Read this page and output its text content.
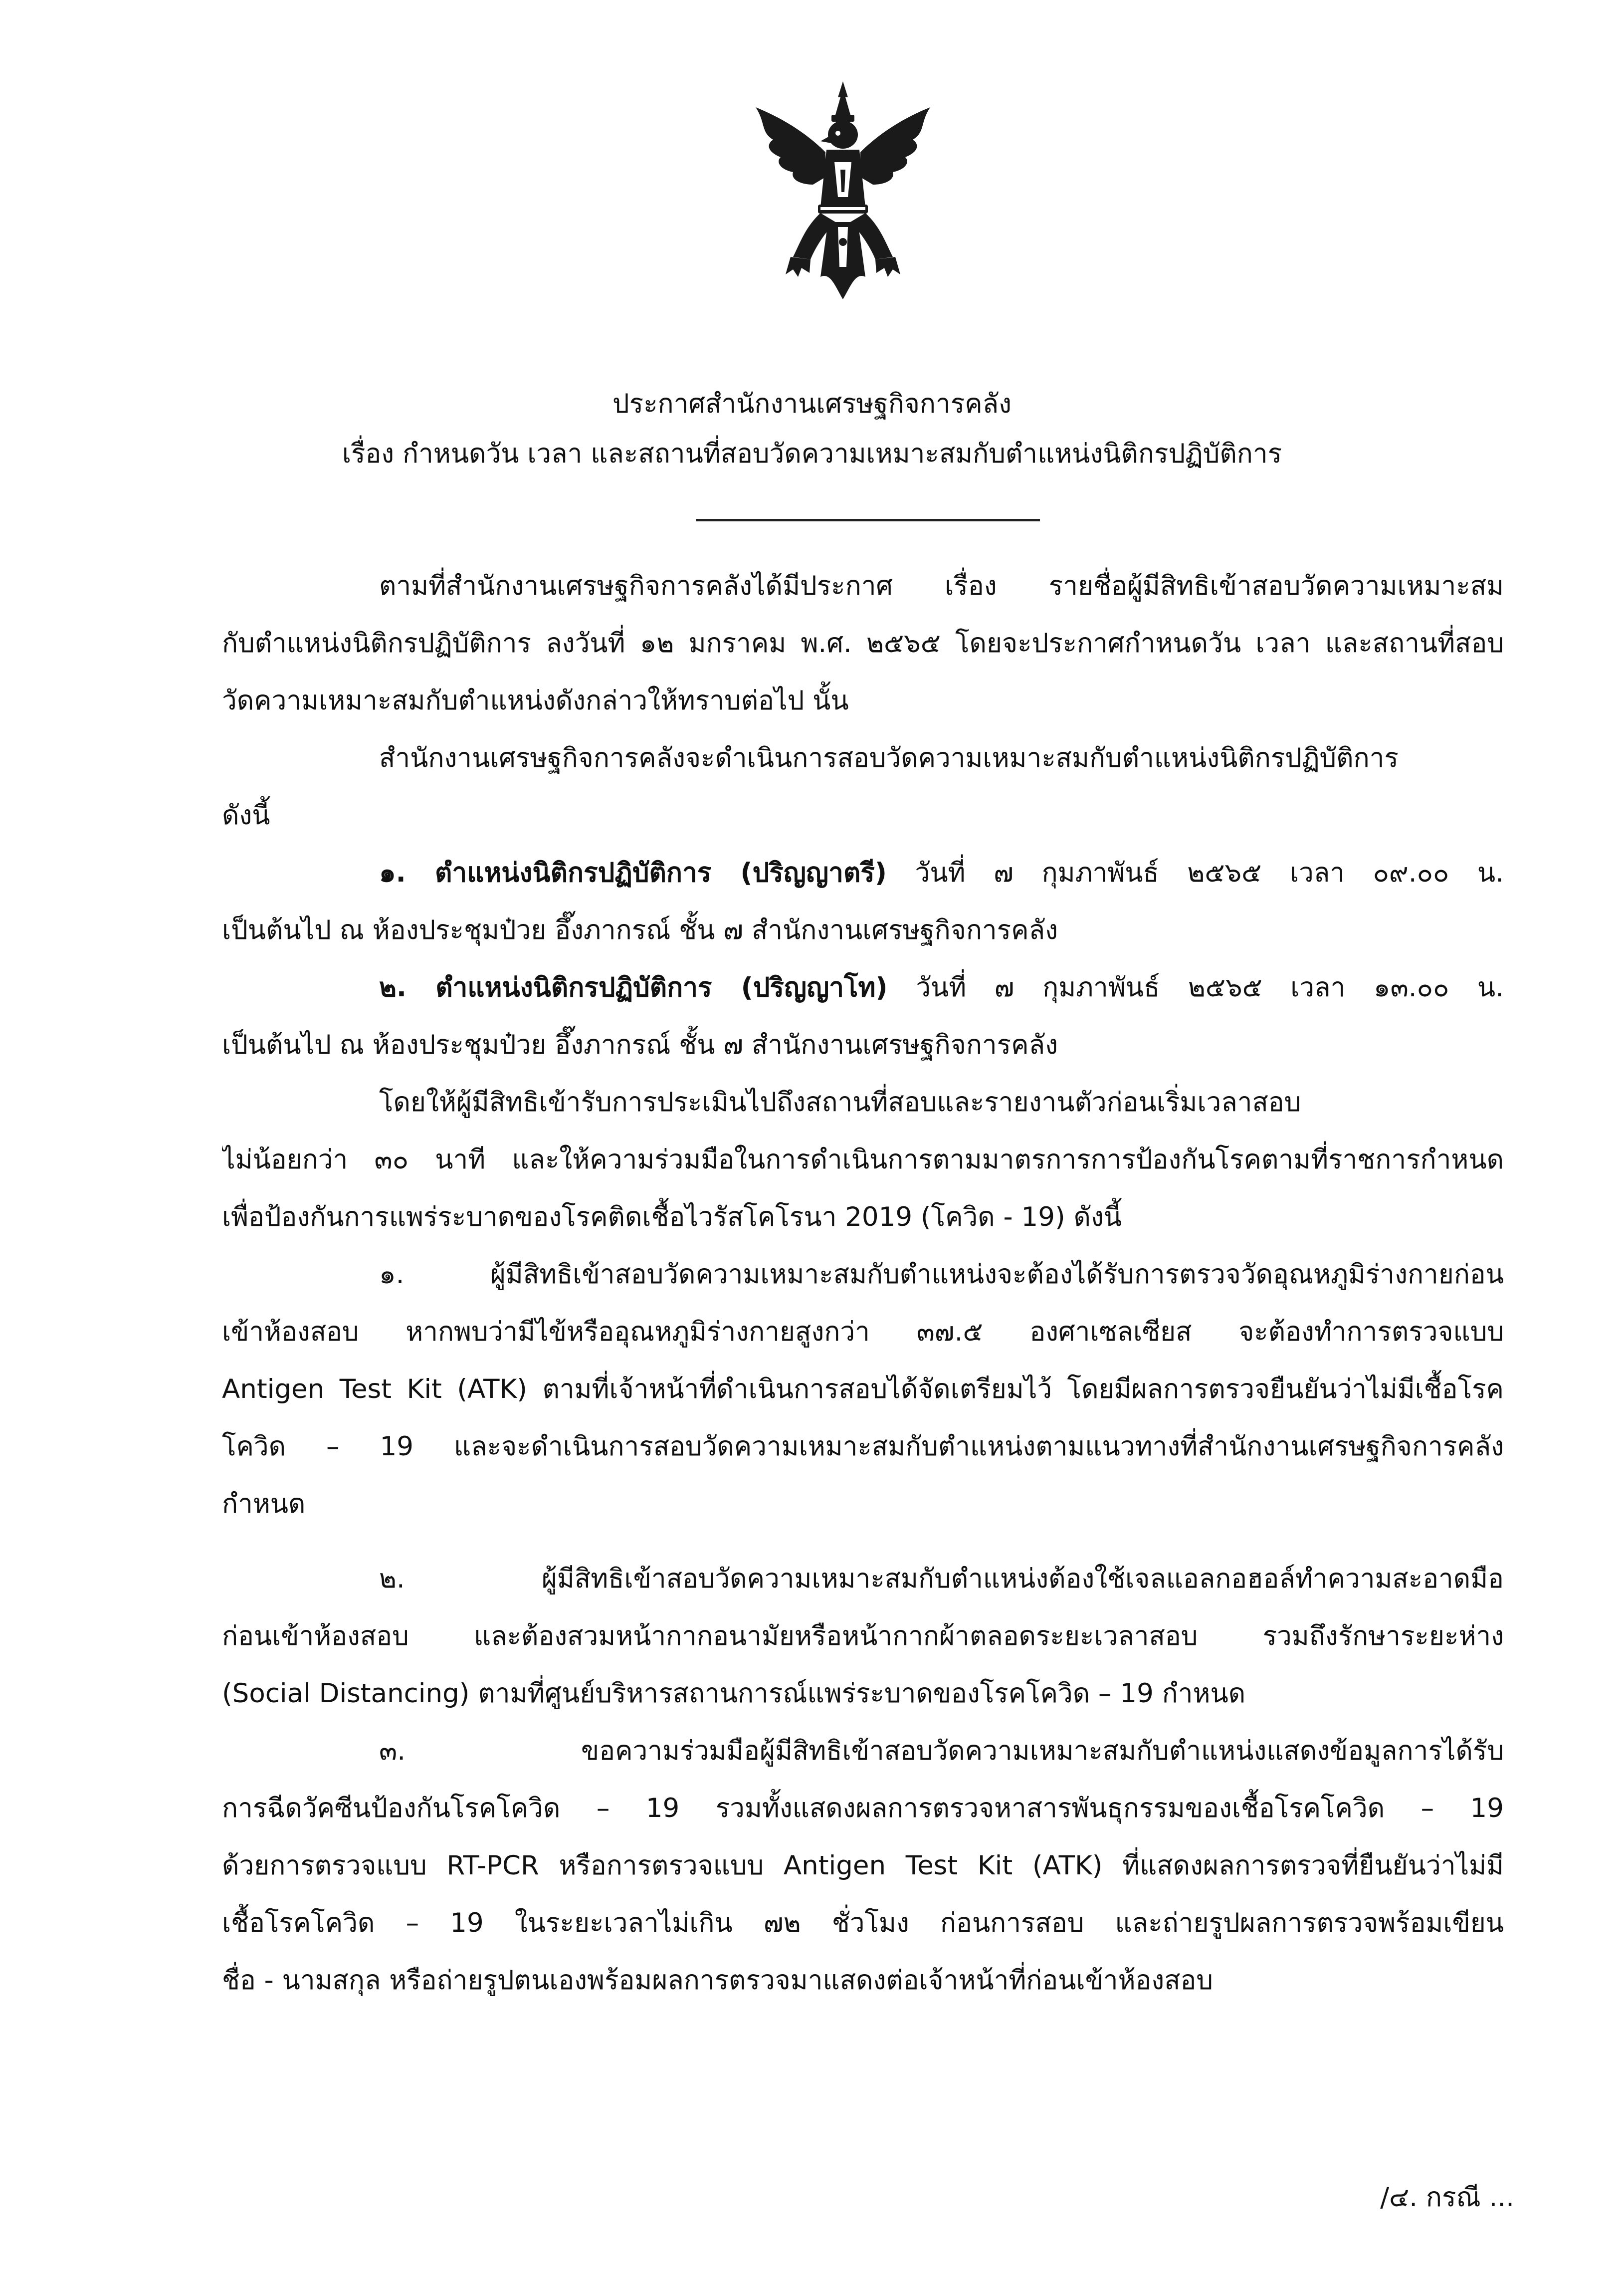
ประกาศสำนักงานเศรษฐกิจการคลัง
เรื่อง กำหนดวัน เวลา และสถานที่สอบวัดความเหมาะสมกับตำแหน่งนิติกรปฏิบัติการ
ตามที่สำนักงานเศรษฐกิจการคลังได้มีประกาศ เรื่อง รายชื่อผู้มีสิทธิเข้าสอบวัดความเหมาะสม
กับตำแหน่งนิติกรปฏิบัติการ ลงวันที่ ๑๒ มกราคม พ.ศ. ๒๕๖๕ โดยจะประกาศกำหนดวัน เวลา และสถานที่สอบ
วัดความเหมาะสมกับตำแหน่งดังกล่าวให้ทราบต่อไป นั้น
สำนักงานเศรษฐกิจการคลังจะดำเนินการสอบวัดความเหมาะสมกับตำแหน่งนิติกรปฏิบัติการ
ดังนี้
๑. ตำแหน่งนิติกรปฏิบัติการ (ปริญญาตรี) วันที่ ๗ กุมภาพันธ์ ๒๕๖๕ เวลา ๐๙.๐๐ น.
เป็นต้นไป ณ ห้องประชุมป๋วย อึ๊งภากรณ์ ชั้น ๗ สำนักงานเศรษฐกิจการคลัง
๒. ตำแหน่งนิติกรปฏิบัติการ (ปริญญาโท) วันที่ ๗ กุมภาพันธ์ ๒๕๖๕ เวลา ๑๓.๐๐ น.
เป็นต้นไป ณ ห้องประชุมป๋วย อึ๊งภากรณ์ ชั้น ๗ สำนักงานเศรษฐกิจการคลัง
โดยให้ผู้มีสิทธิเข้ารับการประเมินไปถึงสถานที่สอบและรายงานตัวก่อนเริ่มเวลาสอบ
ไม่น้อยกว่า ๓๐ นาที และให้ความร่วมมือในการดำเนินการตามมาตรการการป้องกันโรคตามที่ราชการกำหนด
เพื่อป้องกันการแพร่ระบาดของโรคติดเชื้อไวรัสโคโรนา 2019 (โควิด - 19) ดังนี้
๑. ผู้มีสิทธิเข้าสอบวัดความเหมาะสมกับตำแหน่งจะต้องได้รับการตรวจวัดอุณหภูมิร่างกายก่อน
เข้าห้องสอบ หากพบว่ามีไข้หรืออุณหภูมิร่างกายสูงกว่า ๓๗.๕ องศาเซลเซียส จะต้องทำการตรวจแบบ
Antigen Test Kit (ATK) ตามที่เจ้าหน้าที่ดำเนินการสอบได้จัดเตรียมไว้ โดยมีผลการตรวจยืนยันว่าไม่มีเชื้อโรค
โควิด – 19 และจะดำเนินการสอบวัดความเหมาะสมกับตำแหน่งตามแนวทางที่สำนักงานเศรษฐกิจการคลัง
กำหนด
๒. ผู้มีสิทธิเข้าสอบวัดความเหมาะสมกับตำแหน่งต้องใช้เจลแอลกอฮอล์ทำความสะอาดมือ
ก่อนเข้าห้องสอบ และต้องสวมหน้ากากอนามัยหรือหน้ากากผ้าตลอดระยะเวลาสอบ รวมถึงรักษาระยะห่าง
(Social Distancing) ตามที่ศูนย์บริหารสถานการณ์แพร่ระบาดของโรคโควิด – 19 กำหนด
๓. ขอความร่วมมือผู้มีสิทธิเข้าสอบวัดความเหมาะสมกับตำแหน่งแสดงข้อมูลการได้รับ
การฉีดวัคซีนป้องกันโรคโควิด – 19 รวมทั้งแสดงผลการตรวจหาสารพันธุกรรมของเชื้อโรคโควิด – 19
ด้วยการตรวจแบบ RT-PCR หรือการตรวจแบบ Antigen Test Kit (ATK) ที่แสดงผลการตรวจที่ยืนยันว่าไม่มี
เชื้อโรคโควิด – 19 ในระยะเวลาไม่เกิน ๗๒ ชั่วโมง ก่อนการสอบ และถ่ายรูปผลการตรวจพร้อมเขียน
ชื่อ - นามสกุล หรือถ่ายรูปตนเองพร้อมผลการตรวจมาแสดงต่อเจ้าหน้าที่ก่อนเข้าห้องสอบ
/๔. กรณี ...
